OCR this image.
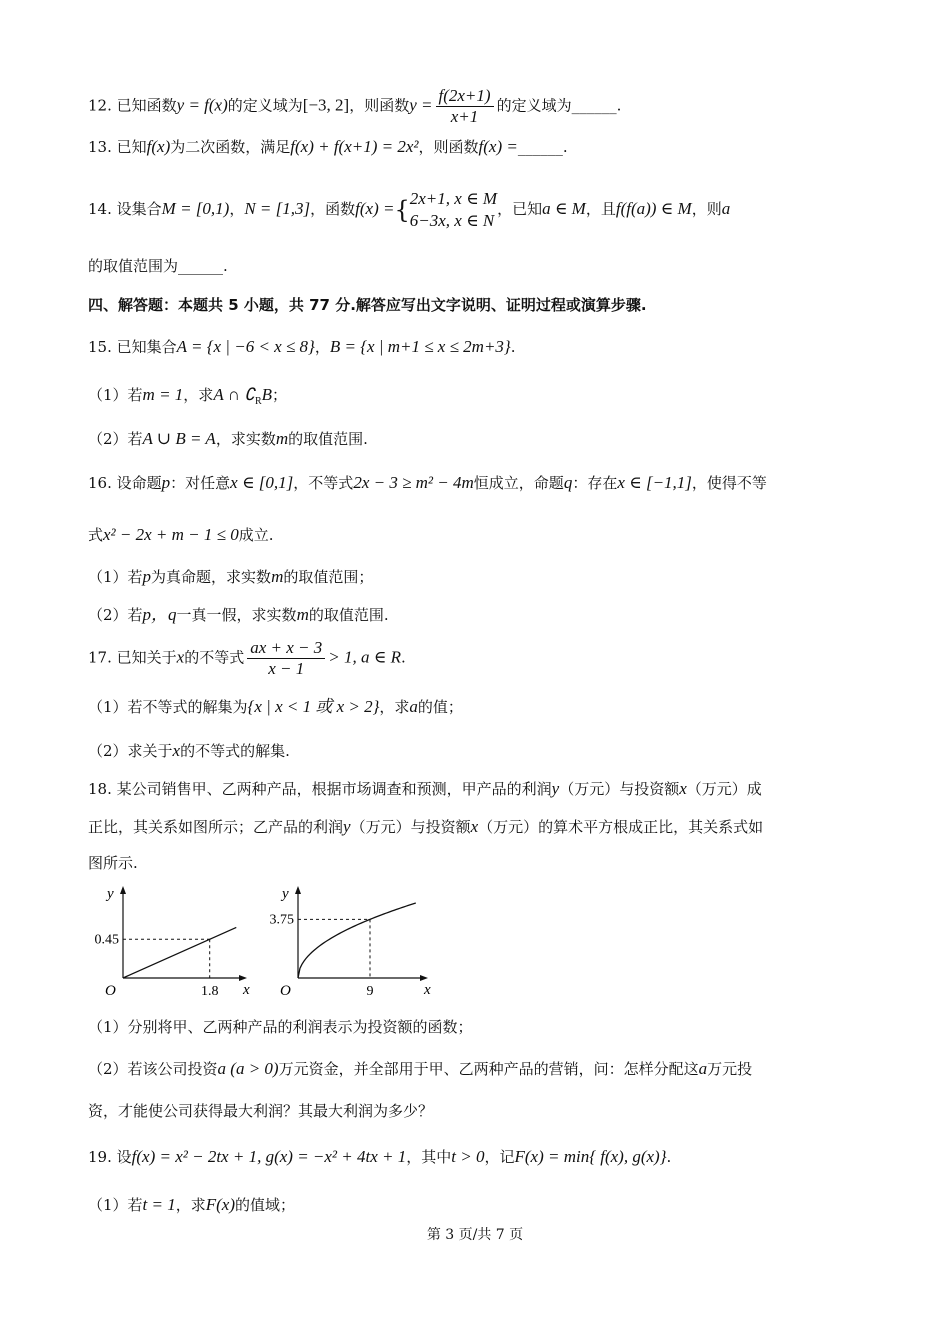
12. 已知函数y = f(x)的定义域为[−3, 2]，则函数$y = \frac{f(2x+1)}{x+1}$ 的定义域为______.
13. 已知f(x)为二次函数，满足f(x) + f(x+1) = 2x²，则函数f(x) =______.
14. 设集合M = [0,1)，N = [1,3]，函数f(x) ={ 2x+1, x ∈ M
6−3x, x ∈ N
，已知a ∈ M，且f(f(a)) ∈ M，则a
的取值范围为______.
四、解答题：本题共 5 小题，共 77 分.解答应写出文字说明、证明过程或演算步骤.
15. 已知集合A = {x | −6 < x ≤ 8}，B = {x | m+1 ≤ x ≤ 2m+3}.
（1）若m = 1，求A ∩ $∁_RB$；
（2）若A ∪ B = A，求实数m的取值范围.
16. 设命题p：对任意x ∈ [0,1]，不等式2x − 3 ≥ m² − 4m恒成立，命题q：存在x ∈ [−1,1]，使得不等
式x² − 2x + m − 1 ≤ 0成立.
（1）若p为真命题，求实数m的取值范围；
（2）若p，q一真一假，求实数m的取值范围.
17. 已知关于x的不等式 $\frac{ax + x - 3}{x - 1} > 1$, a ∈ R.
（1）若不等式的解集为{x | x < 1 或 x > 2}，求a的值；
（2）求关于x的不等式的解集.
18. 某公司销售甲、乙两种产品，根据市场调查和预测，甲产品的利润y（万元）与投资额x（万元）成
正比，其关系如图所示；乙产品的利润y（万元）与投资额x（万元）的算术平方根成正比，其关系式如
图所示.
O	x
y
0.45
1.8	O	x
y
3.75
9
（1）分别将甲、乙两种产品的利润表示为投资额的函数；
（2）若该公司投资a (a > 0)万元资金，并全部用于甲、乙两种产品的营销，问：怎样分配这a万元投
资，才能使公司获得最大利润？其最大利润为多少？
19. 设f(x) = x² − 2tx + 1, g(x) = −x² + 4tx + 1，其中t > 0，记F(x) = min{ f(x), g(x)}.
（1）若t = 1，求F(x)的值域；
第 3 页/共 7 页
